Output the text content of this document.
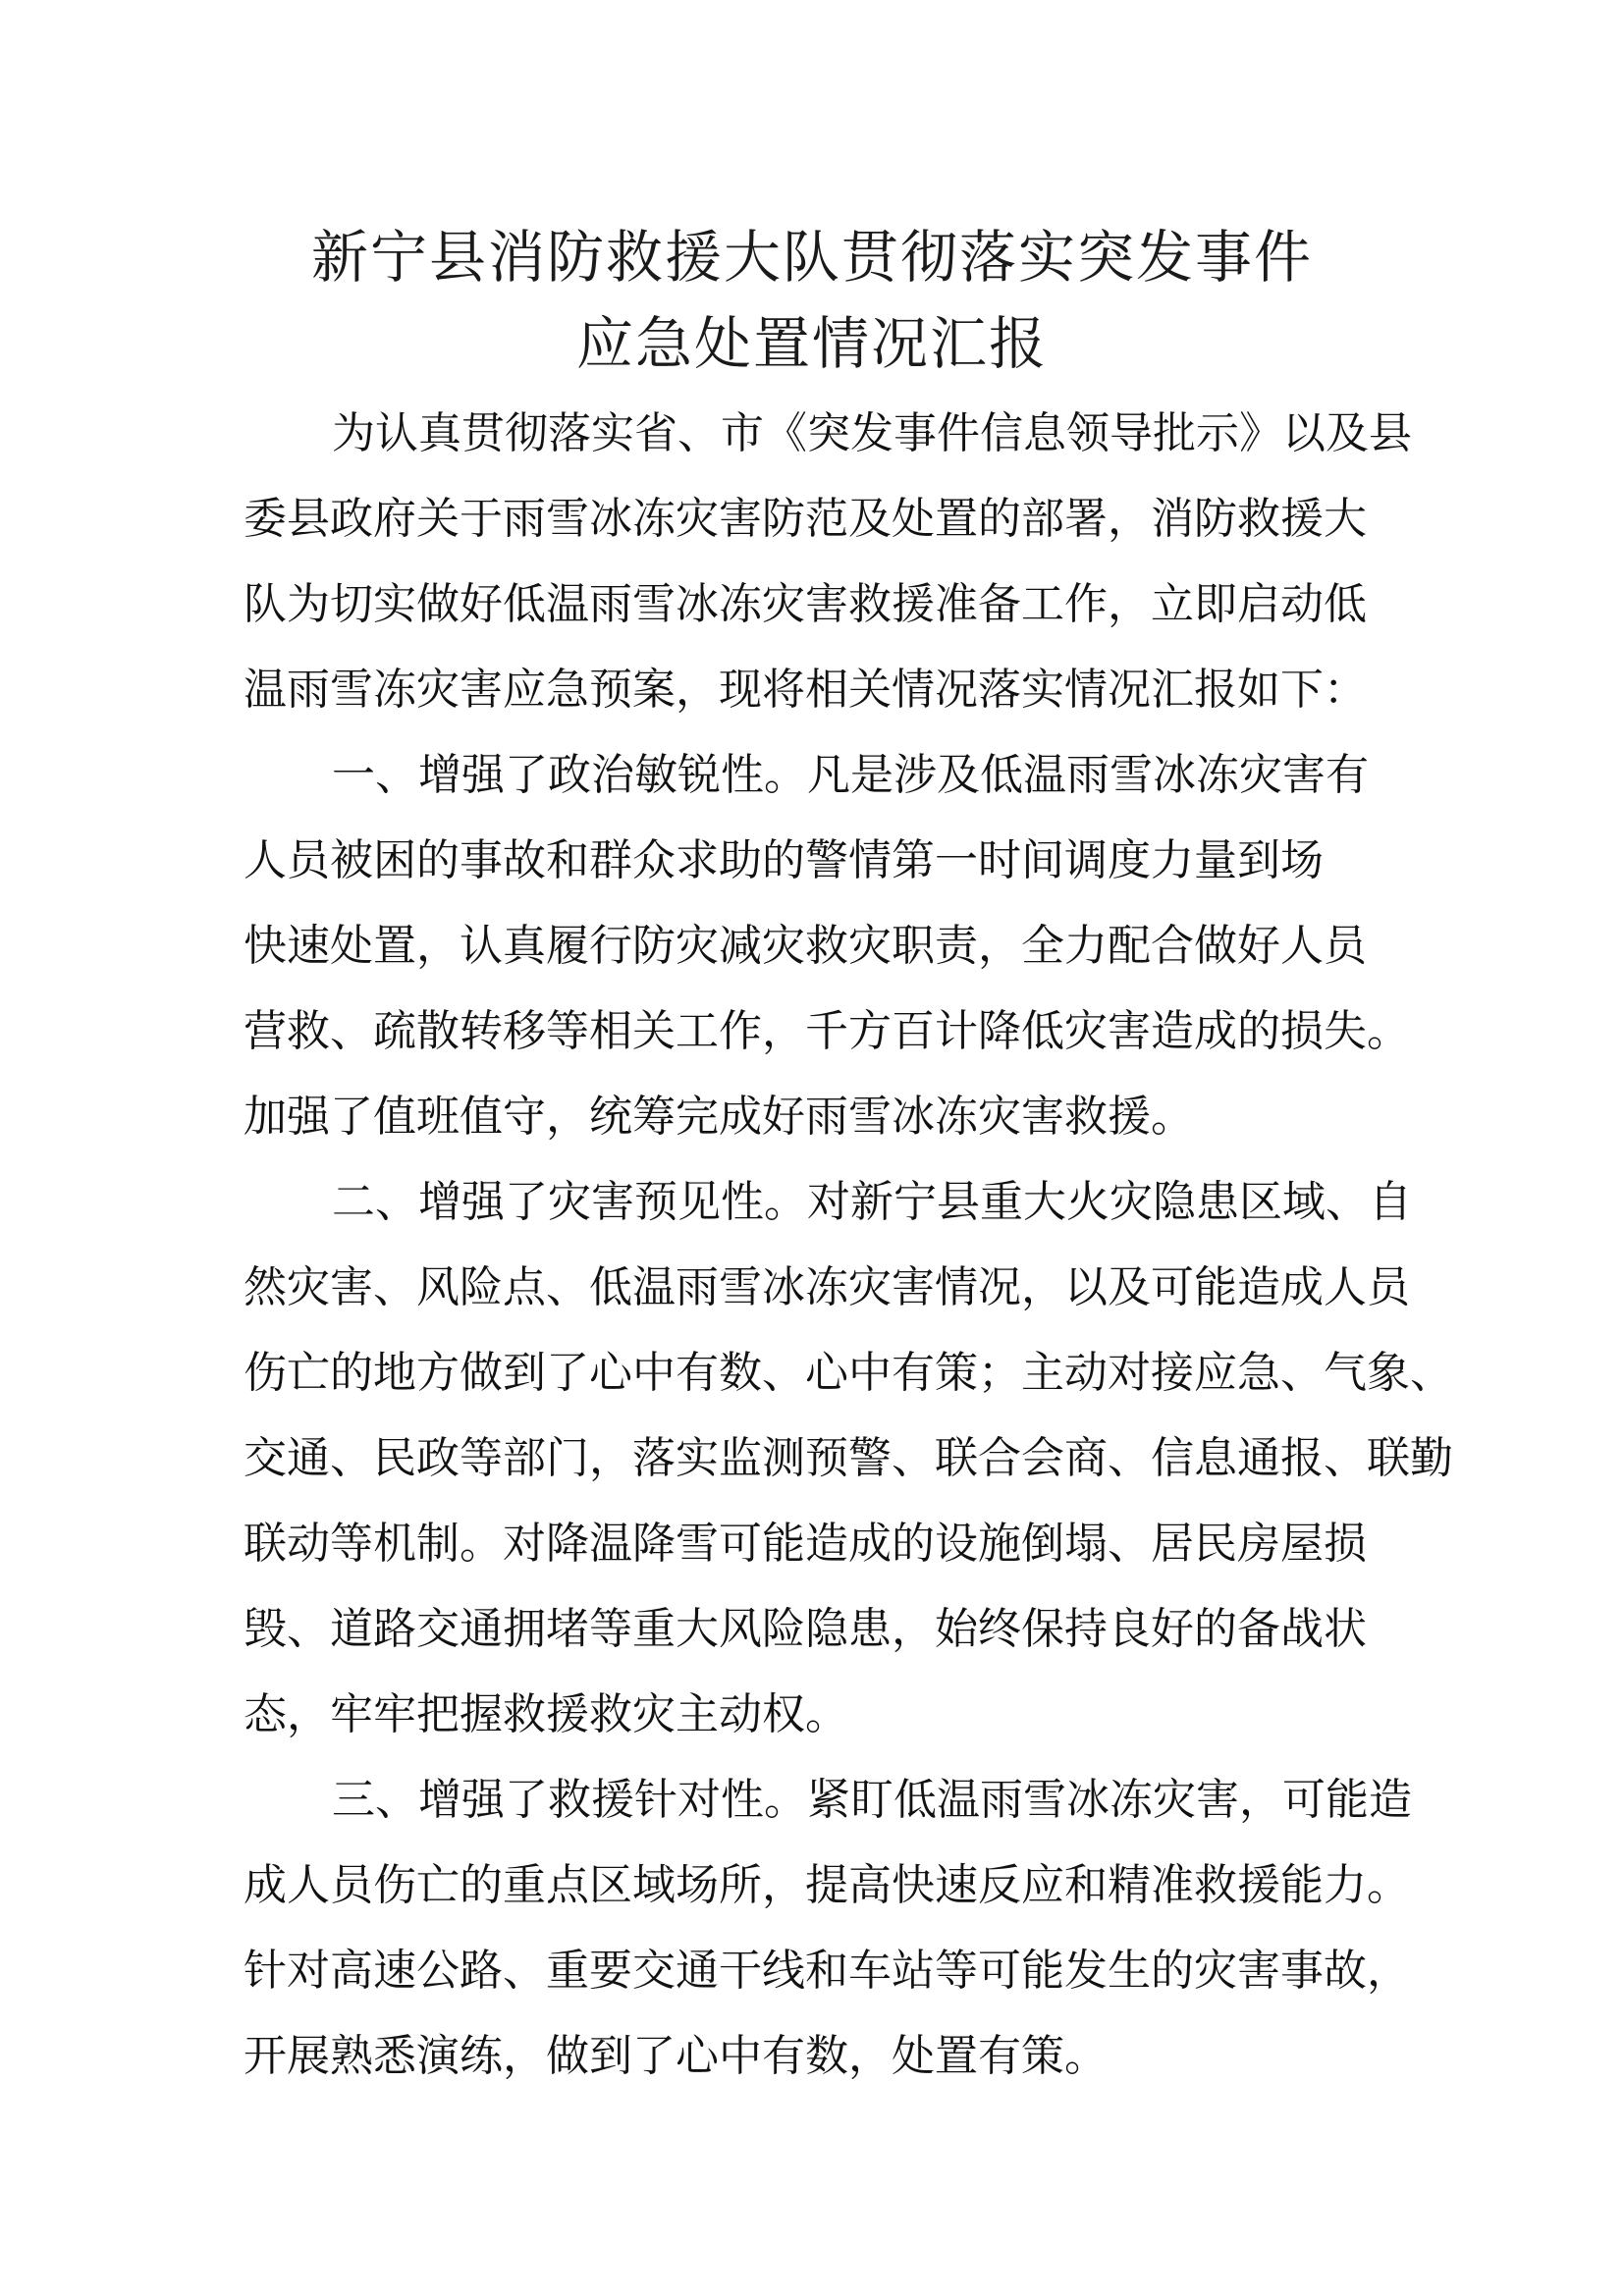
新宁县消防救援大队贯彻落实突发事件
应急处置情况汇报
为认真贯彻落实省、市《突发事件信息领导批示》以及县
委县政府关于雨雪冰冻灾害防范及处置的部署，消防救援大
队为切实做好低温雨雪冰冻灾害救援准备工作，立即启动低
温雨雪冻灾害应急预案，现将相关情况落实情况汇报如下：
一、增强了政治敏锐性。凡是涉及低温雨雪冰冻灾害有
人员被困的事故和群众求助的警情第一时间调度力量到场
快速处置，认真履行防灾减灾救灾职责，全力配合做好人员
营救、疏散转移等相关工作，千方百计降低灾害造成的损失。
加强了值班值守，统筹完成好雨雪冰冻灾害救援。
二、增强了灾害预见性。对新宁县重大火灾隐患区域、自
然灾害、风险点、低温雨雪冰冻灾害情况，以及可能造成人员
伤亡的地方做到了心中有数、心中有策；主动对接应急、气象、
交通、民政等部门，落实监测预警、联合会商、信息通报、联勤
联动等机制。对降温降雪可能造成的设施倒塌、居民房屋损
毁、道路交通拥堵等重大风险隐患，始终保持良好的备战状
态，牢牢把握救援救灾主动权。
三、增强了救援针对性。紧盯低温雨雪冰冻灾害，可能造
成人员伤亡的重点区域场所，提高快速反应和精准救援能力。
针对高速公路、重要交通干线和车站等可能发生的灾害事故，
开展熟悉演练，做到了心中有数，处置有策。
